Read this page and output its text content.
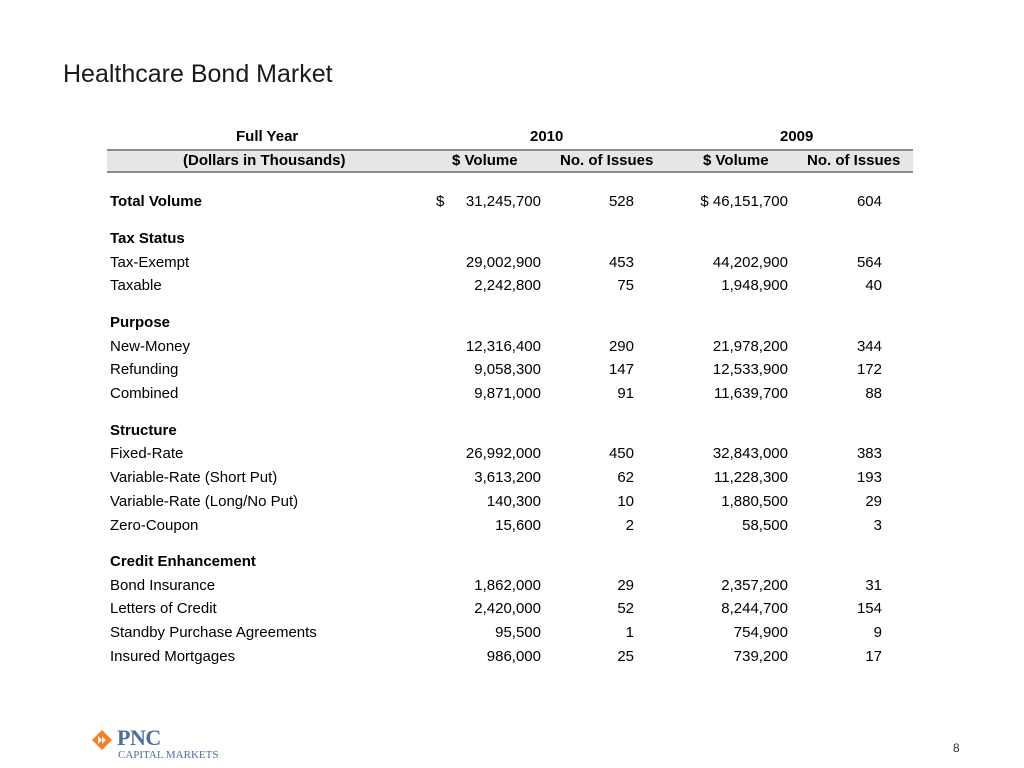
Healthcare Bond Market
Full Year	2010	2009
(Dollars in Thousands)	$ Volume	No. of Issues	$ Volume	No. of Issues
Total Volume	$	31,245,700	528	$ 46,151,700	604
Tax Status
Tax-Exempt	29,002,900	453	44,202,900	564
Taxable	2,242,800	75	1,948,900	40
Purpose
New-Money	12,316,400	290	21,978,200	344
Refunding	9,058,300	147	12,533,900	172
Combined	9,871,000	91	11,639,700	88
Structure
Fixed-Rate	26,992,000	450	32,843,000	383
Variable-Rate (Short Put)	3,613,200	62	11,228,300	193
Variable-Rate (Long/No Put)	140,300	10	1,880,500	29
Zero-Coupon	15,600	2	58,500	3
Credit Enhancement
Bond Insurance	1,862,000	29	2,357,200	31
Letters of Credit	2,420,000	52	8,244,700	154
Standby Purchase Agreements	95,500	1	754,900	9
Insured Mortgages	986,000	25	739,200	17
PNC
CAPITAL MARKETS	8
